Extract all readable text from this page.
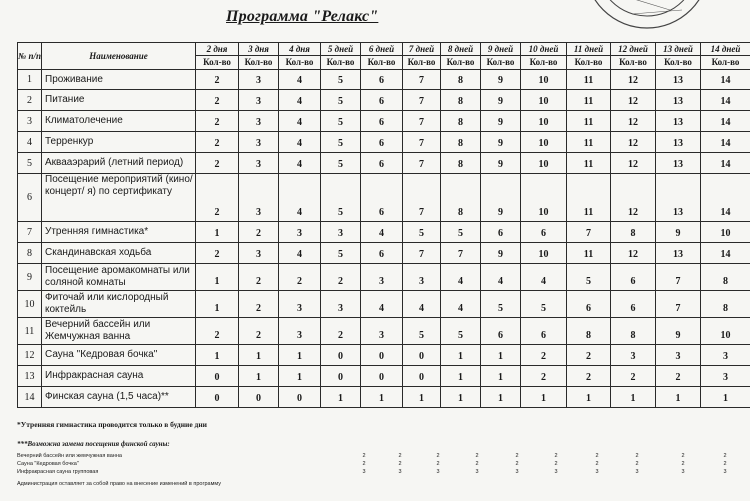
Программа "Релакс"
№ п/п	Наименование	2 дня	3 дня	4 дня	5 дней	6 дней	7 дней	8 дней	9 дней	10 дней	11 дней	12 дней	13 дней	14 дней
		Кол-во	Кол-во	Кол-во	Кол-во	Кол-во	Кол-во	Кол-во	Кол-во	Кол-во	Кол-во	Кол-во	Кол-во	Кол-во
1	Проживание	2	3	4	5	6	7	8	9	10	11	12	13	14
2	Питание	2	3	4	5	6	7	8	9	10	11	12	13	14
3	Климатолечение	2	3	4	5	6	7	8	9	10	11	12	13	14
4	Терренкур	2	3	4	5	6	7	8	9	10	11	12	13	14
5	Аквааэрарий (летний период)	2	3	4	5	6	7	8	9	10	11	12	13	14
6	Посещение мероприятий (кино/концерт/ я) по сертификату	2	3	4	5	6	7	8	9	10	11	12	13	14
7	Утренняя гимнастика*	1	2	3	3	4	5	5	6	6	7	8	9	10
8	Скандинавская ходьба	2	3	4	5	6	7	7	9	10	11	12	13	14
9	Посещение аромакомнаты или соляной комнаты	1	2	2	2	3	3	4	4	4	5	6	7	8
10	Фиточай или кислородный коктейль	1	2	3	3	4	4	4	5	5	6	6	7	8
11	Вечерний бассейн или Жемчужная ванна	2	2	3	2	3	5	5	6	6	8	8	9	10
12	Сауна "Кедровая бочка"	1	1	1	0	0	0	1	1	2	2	3	3	3
13	Инфракрасная сауна	0	1	1	0	0	0	1	1	2	2	2	2	3
14	Финская сауна (1,5 часа)**	0	0	0	1	1	1	1	1	1	1	1	1	1
*Утренняя гимнастика проводится только в будние дни
***Возможна замена посещения финской сауны:
Вечерний бассейн или жемчужная ванна	2	2	2	2	2	2	2	2	2	2
Сауна "Кедровая бочка"	2	2	2	2	2	2	2	2	2	2
Инфракрасная сауна групповая	3	3	3	3	3	3	3	3	3	3
Администрация оставляет за собой право на внесение изменений в программу
